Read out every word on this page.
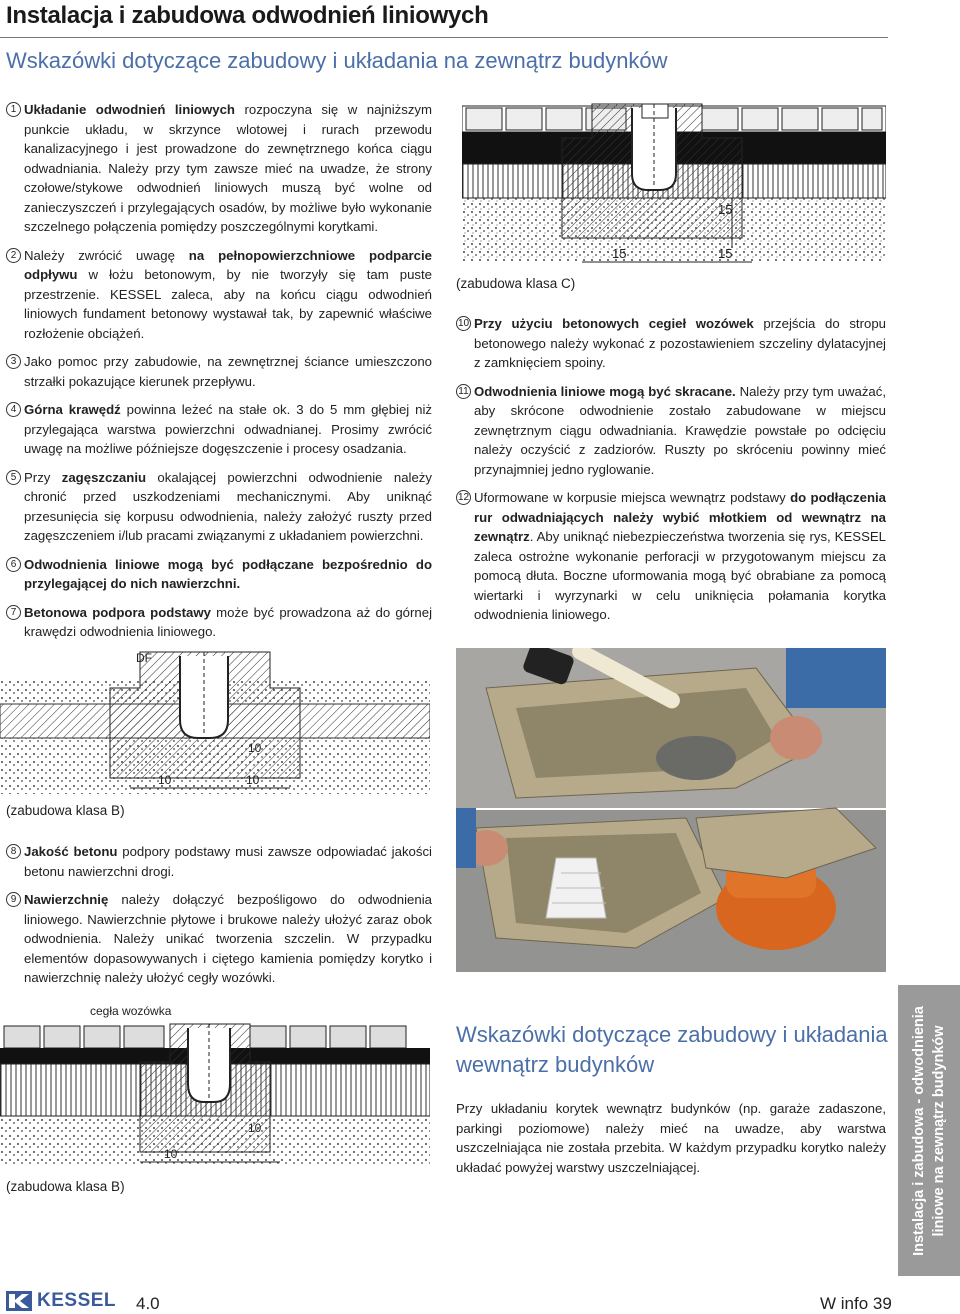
Instalacja i zabudowa odwodnień liniowych
Wskazówki dotyczące zabudowy i układania na zewnątrz budynków

1 Układanie odwodnień liniowych rozpoczyna się w najniższym punkcie układu, w skrzynce wlotowej i rurach przewodu kanalizacyjnego i jest prowadzone do zewnętrznego końca ciągu odwadniania. Należy przy tym zawsze mieć na uwadze, że strony czołowe/stykowe odwodnień liniowych muszą być wolne od zanieczyszczeń i przylegających osadów, by możliwe było wykonanie szczelnego połączenia pomiędzy poszczególnymi korytkami.

2 Należy zwrócić uwagę na pełnopowierzchniowe podparcie odpływu w łożu betonowym, by nie tworzyły się tam puste przestrzenie. KESSEL zaleca, aby na końcu ciągu odwodnień liniowych fundament betonowy wystawał tak, by zapewnić właściwe rozłożenie obciążeń.

3 Jako pomoc przy zabudowie, na zewnętrznej ściance umieszczono strzałki pokazujące kierunek przepływu.

4 Górna krawędź powinna leżeć na stałe ok. 3 do 5 mm głębiej niż przylegająca warstwa powierzchni odwadnianej. Prosimy zwrócić uwagę na możliwe późniejsze dogęszczenie i procesy osadzania.

5 Przy zagęszczaniu okalającej powierzchni odwodnienie należy chronić przed uszkodzeniami mechanicznymi. Aby uniknąć przesunięcia się korpusu odwodnienia, należy założyć ruszty przed zagęszczeniem i/lub pracami związanymi z układaniem powierzchni.

6 Odwodnienia liniowe mogą być podłączane bezpośrednio do przylegającej do nich nawierzchni.

7 Betonowa podpora podstawy może być prowadzona aż do górnej krawędzi odwodnienia liniowego.

15
15	15
(zabudowa klasa C)

10 Przy użyciu betonowych cegieł wozówek przejścia do stropu betonowego należy wykonać z pozostawieniem szczeliny dylatacyjnej z zamknięciem spoiny.

11 Odwodnienia liniowe mogą być skracane. Należy przy tym uważać, aby skrócone odwodnienie zostało zabudowane w miejscu zewnętrznym ciągu odwadniania. Krawędzie powstałe po odcięciu należy oczyścić z zadziorów. Ruszty po skróceniu powinny mieć przynajmniej jedno ryglowanie.

12 Uformowane w korpusie miejsca wewnątrz podstawy do podłączenia rur odwadniających należy wybić młotkiem od wewnątrz na zewnątrz. Aby uniknąć niebezpieczeństwa tworzenia się rys, KESSEL zaleca ostrożne wykonanie perforacji w przygotowanym miejscu za pomocą dłuta. Boczne uformowania mogą być obrabiane za pomocą wiertarki i wyrzynarki w celu uniknięcia połamania korytka odwodnienia liniowego.

DF
10
10	10
(zabudowa klasa B)

8 Jakość betonu podpory podstawy musi zawsze odpowiadać jakości betonu nawierzchni drogi.

9 Nawierzchnię należy dołączyć bezpośligowo do odwodnienia liniowego. Nawierzchnie płytowe i brukowe należy ułożyć zaraz obok odwodnienia. Należy unikać tworzenia szczelin. W przypadku elementów dopasowywanych i ciętego kamienia pomiędzy korytko i nawierzchnię należy ułożyć cegły wozówki.

cegła wozówka
10
10
(zabudowa klasa B)
Wskazówki dotyczące zabudowy i układania wewnątrz budynków
Przy układaniu korytek wewnątrz budynków (np. garaże zadaszone, parkingi poziomowe) należy mieć na uwadze, aby warstwa uszczelniająca nie została przebita. W każdym przypadku korytko należy układać powyżej warstwy uszczelniającej.	Instalacja i zabudowa - odwodnienia liniowe na zewnątrz budynków
KESSEL 4.0	W info 39
